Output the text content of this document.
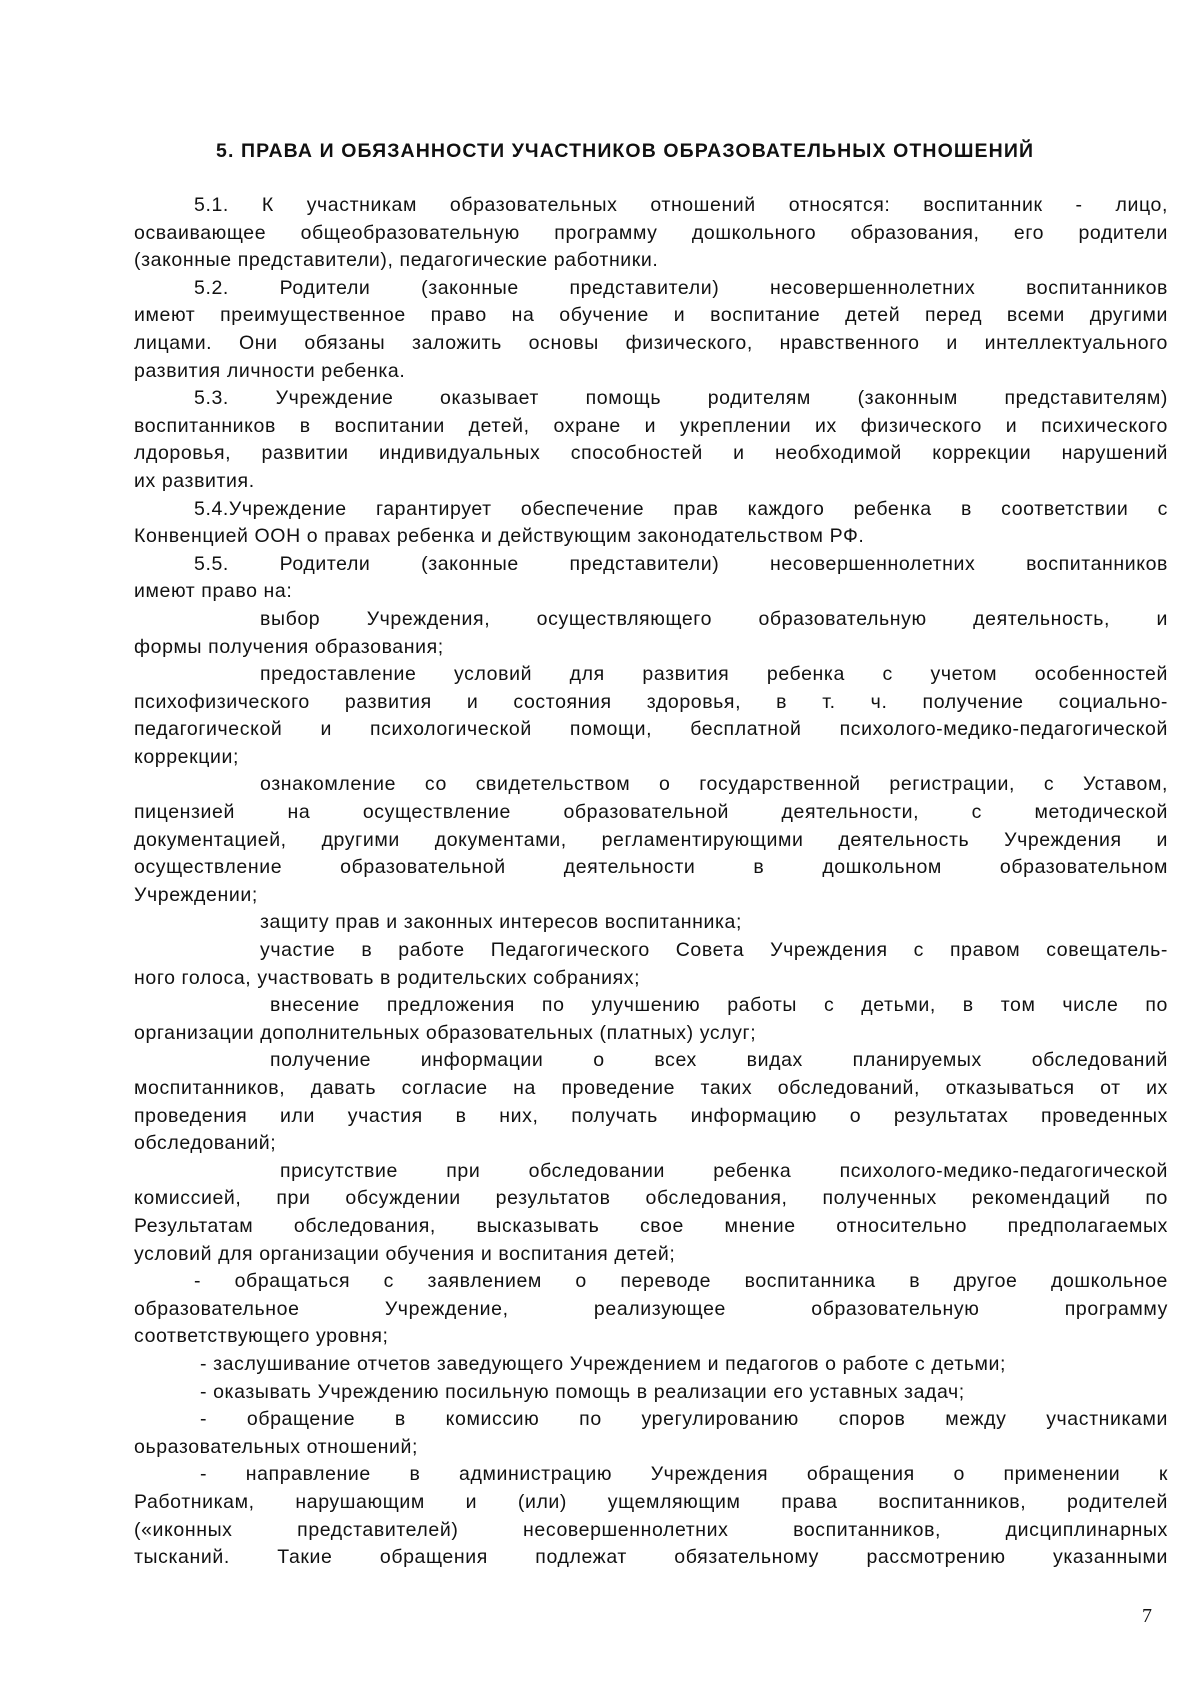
5. ПРАВА И ОБЯЗАННОСТИ УЧАСТНИКОВ ОБРАЗОВАТЕЛЬНЫХ ОТНОШЕНИЙ
5.1. К участникам образовательных отношений относятся: воспитанник - лицо,
осваивающее общеобразовательную программу дошкольного образования, его родители
(законные представители), педагогические работники.
5.2. Родители (законные представители) несовершеннолетних воспитанников
имеют преимущественное право на обучение и воспитание детей перед всеми другими
лицами. Они обязаны заложить основы физического, нравственного и интеллектуального
развития личности ребенка.
5.3. Учреждение оказывает помощь родителям (законным представителям)
воспитанников в воспитании детей, охране и укреплении их физического и психического
лдоровья, развитии индивидуальных способностей и необходимой коррекции нарушений
их развития.
5.4.Учреждение гарантирует обеспечение прав каждого ребенка в соответствии с
Конвенцией ООН о правах ребенка и действующим законодательством РФ.
5.5. Родители (законные представители) несовершеннолетних воспитанников
имеют право на:
выбор Учреждения, осуществляющего образовательную деятельность, и
формы получения образования;
предоставление условий для развития ребенка с учетом особенностей
психофизического развития и состояния здоровья, в т. ч. получение социально-
педагогической и психологической помощи, бесплатной психолого-медико-педагогической
коррекции;
ознакомление со свидетельством о государственной регистрации, с Уставом,
пицензией на осуществление образовательной деятельности, с методической
документацией, другими документами, регламентирующими деятельность Учреждения и
осуществление образовательной деятельности в дошкольном образовательном
Учреждении;
защиту прав и законных интересов воспитанника;
участие в работе Педагогического Совета Учреждения с правом совещатель-
ного голоса, участвовать в родительских собраниях;
внесение предложения по улучшению работы с детьми, в том числе по
организации дополнительных образовательных (платных) услуг;
получение информации о всех видах планируемых обследований
моспитанников, давать согласие на проведение таких обследований, отказываться от их
проведения или участия в них, получать информацию о результатах проведенных
обследований;
присутствие при обследовании ребенка психолого-медико-педагогической
комиссией, при обсуждении результатов обследования, полученных рекомендаций по
Результатам обследования, высказывать свое мнение относительно предполагаемых
условий для организации обучения и воспитания детей;
- обращаться с заявлением о переводе воспитанника в другое дошкольное
образовательное Учреждение, реализующее образовательную программу
соответствующего уровня;
- заслушивание отчетов заведующего Учреждением и педагогов о работе с детьми;
- оказывать Учреждению посильную помощь в реализации его уставных задач;
- обращение в комиссию по урегулированию споров между участниками
оьразовательных отношений;
- направление в администрацию Учреждения обращения о применении к
Работникам, нарушающим и (или) ущемляющим права воспитанников, родителей
(«иконных представителей) несовершеннолетних воспитанников, дисциплинарных
тысканий. Такие обращения подлежат обязательному рассмотрению указанными
7
